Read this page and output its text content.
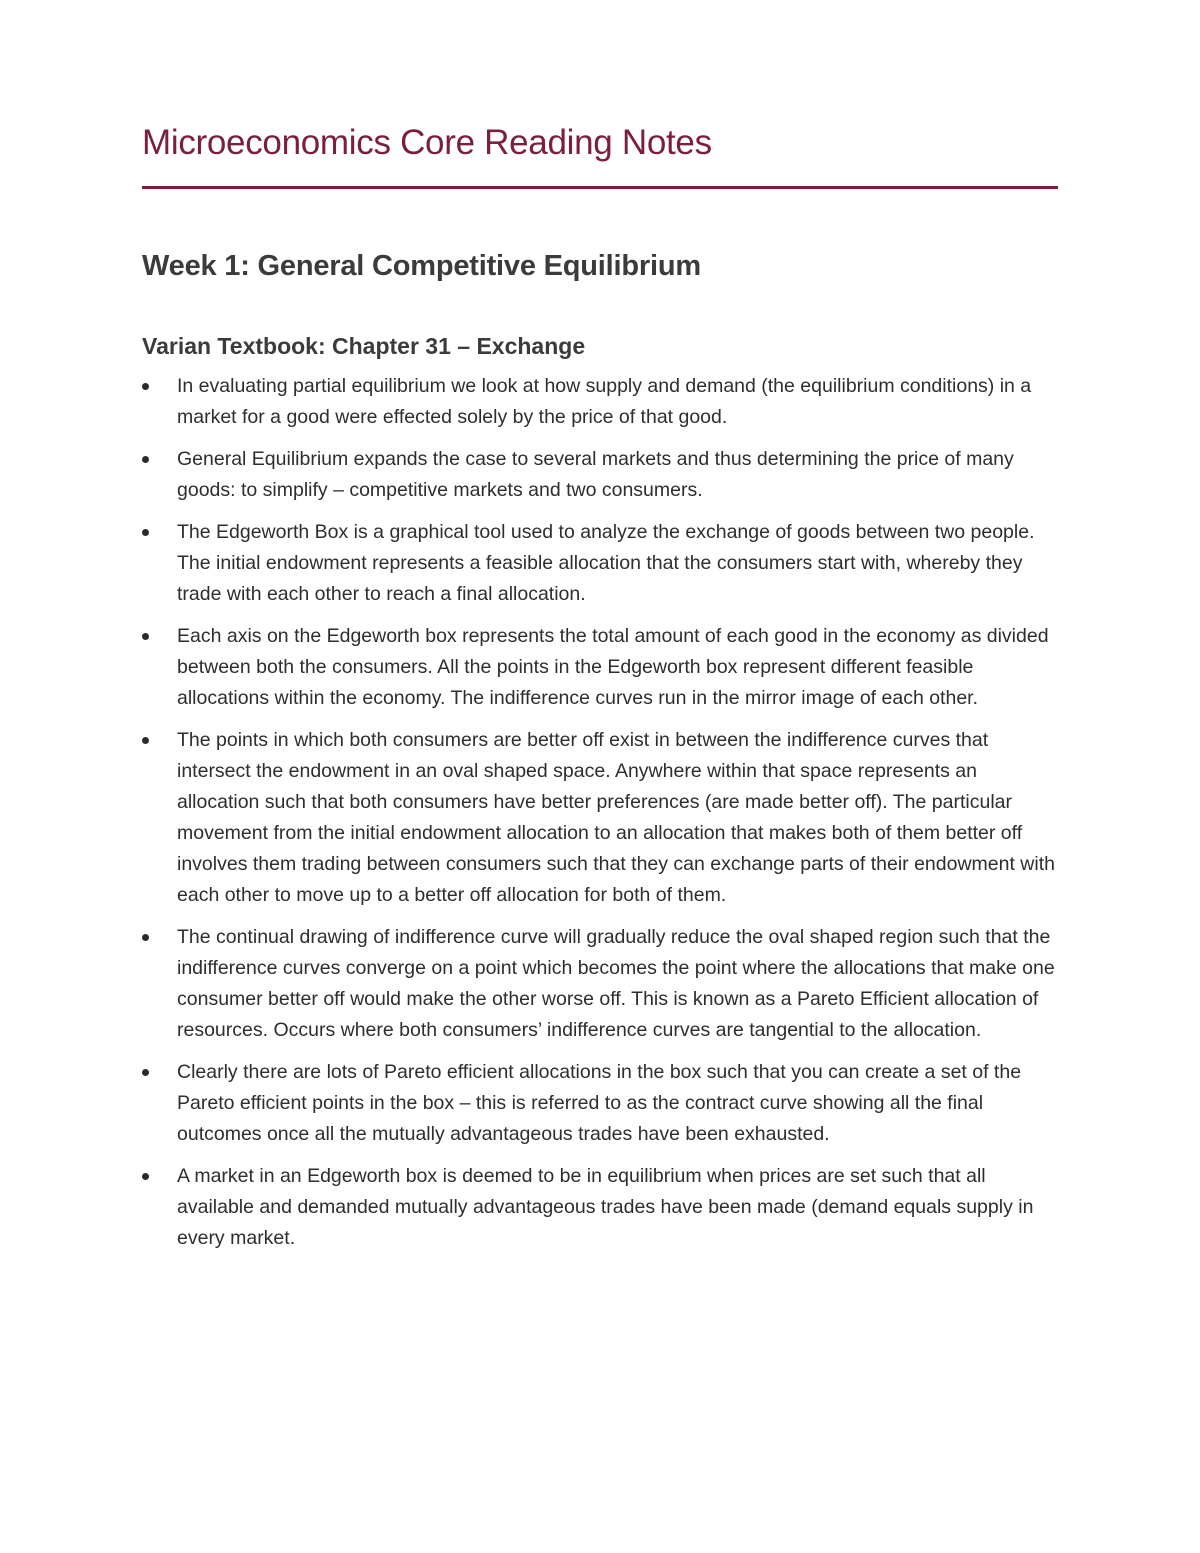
Microeconomics Core Reading Notes
Week 1: General Competitive Equilibrium
Varian Textbook: Chapter 31 – Exchange
In evaluating partial equilibrium we look at how supply and demand (the equilibrium conditions) in a market for a good were effected solely by the price of that good.
General Equilibrium expands the case to several markets and thus determining the price of many goods: to simplify – competitive markets and two consumers.
The Edgeworth Box is a graphical tool used to analyze the exchange of goods between two people. The initial endowment represents a feasible allocation that the consumers start with, whereby they trade with each other to reach a final allocation.
Each axis on the Edgeworth box represents the total amount of each good in the economy as divided between both the consumers. All the points in the Edgeworth box represent different feasible allocations within the economy. The indifference curves run in the mirror image of each other.
The points in which both consumers are better off exist in between the indifference curves that intersect the endowment in an oval shaped space. Anywhere within that space represents an allocation such that both consumers have better preferences (are made better off). The particular movement from the initial endowment allocation to an allocation that makes both of them better off involves them trading between consumers such that they can exchange parts of their endowment with each other to move up to a better off allocation for both of them.
The continual drawing of indifference curve will gradually reduce the oval shaped region such that the indifference curves converge on a point which becomes the point where the allocations that make one consumer better off would make the other worse off. This is known as a Pareto Efficient allocation of resources. Occurs where both consumers’ indifference curves are tangential to the allocation.
Clearly there are lots of Pareto efficient allocations in the box such that you can create a set of the Pareto efficient points in the box – this is referred to as the contract curve showing all the final outcomes once all the mutually advantageous trades have been exhausted.
A market in an Edgeworth box is deemed to be in equilibrium when prices are set such that all available and demanded mutually advantageous trades have been made (demand equals supply in every market.
